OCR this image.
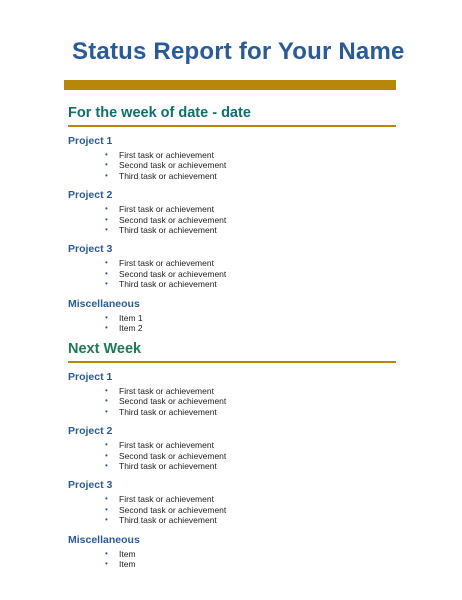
Status Report for Your Name
For the week of date - date
Project 1
• First task or achievement
• Second task or achievement
• Third task or achievement
Project 2
• First task or achievement
• Second task or achievement
• Third task or achievement
Project 3
• First task or achievement
• Second task or achievement
• Third task or achievement
Miscellaneous
• Item 1
• Item 2
Next Week
Project 1
• First task or achievement
• Second task or achievement
• Third task or achievement
Project 2
• First task or achievement
• Second task or achievement
• Third task or achievement
Project 3
• First task or achievement
• Second task or achievement
• Third task or achievement
Miscellaneous
• Item
• Item
